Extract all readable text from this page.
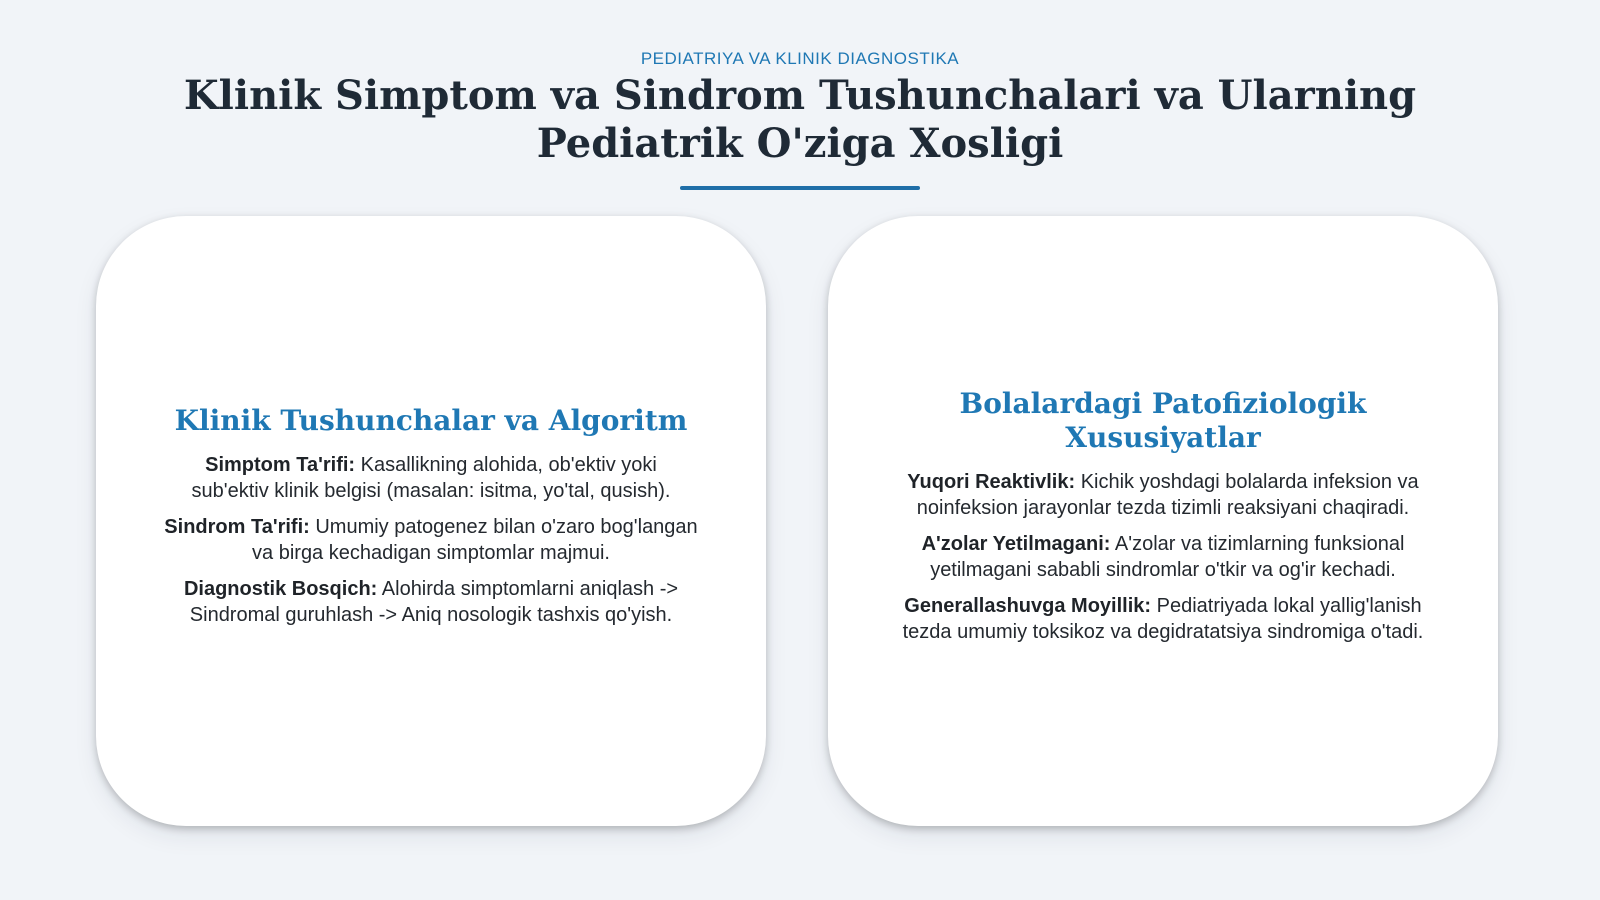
PEDIATRIYA VA KLINIK DIAGNOSTIKA
Klinik Simptom va Sindrom Tushunchalari va Ularning Pediatrik O'ziga Xosligi
Klinik Tushunchalar va Algoritm

Simptom Ta'rifi: Kasallikning alohida, ob'ektiv yoki sub'ektiv klinik belgisi (masalan: isitma, yo'tal, qusish).

Sindrom Ta'rifi: Umumiy patogenez bilan o'zaro bog'langan va birga kechadigan simptomlar majmui.

Diagnostik Bosqich: Alohirda simptomlarni aniqlash -> Sindromal guruhlash -> Aniq nosologik tashxis qo'yish.

Bolalardagi Patofiziologik Xususiyatlar

Yuqori Reaktivlik: Kichik yoshdagi bolalarda infeksion va noinfeksion jarayonlar tezda tizimli reaksiyani chaqiradi.

A'zolar Yetilmagani: A'zolar va tizimlarning funksional yetilmagani sababli sindromlar o'tkir va og'ir kechadi.

Generallashuvga Moyillik: Pediatriyada lokal yallig'lanish tezda umumiy toksikoz va degidratatsiya sindromiga o'tadi.
